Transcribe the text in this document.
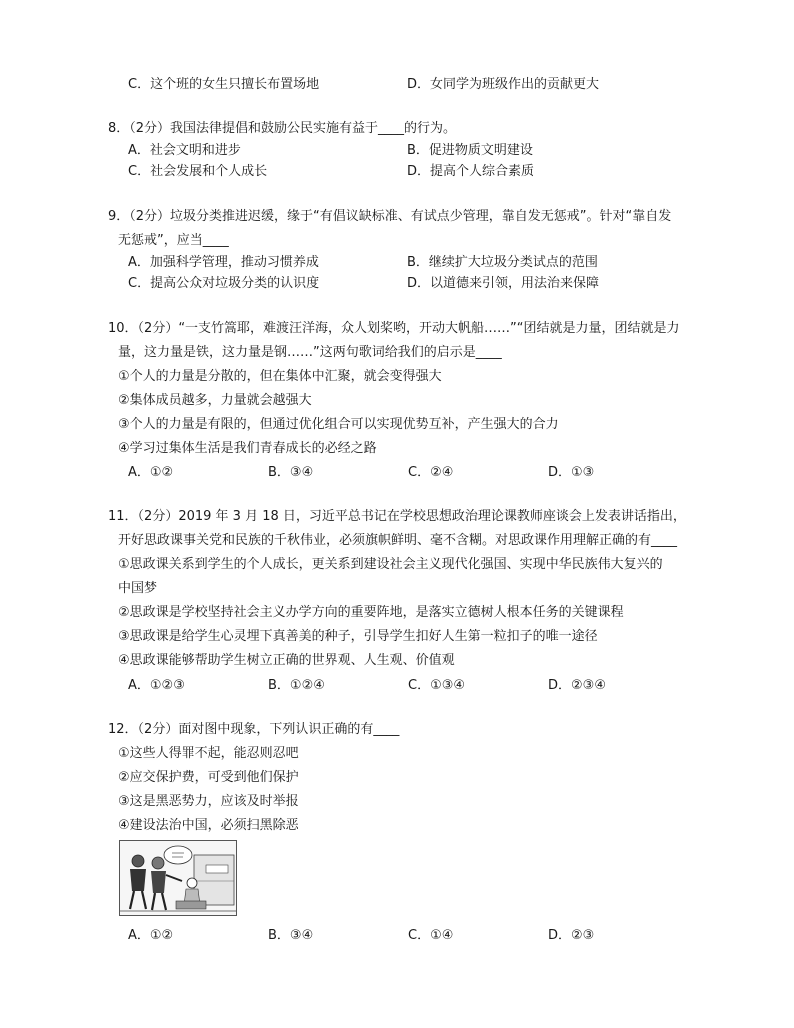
C．这个班的女生只擅长布置场地	D．女同学为班级作出的贡献更大
8．（2分）我国法律提倡和鼓励公民实施有益于____的行为。
A．社会文明和进步	B．促进物质文明建设
C．社会发展和个人成长	D．提高个人综合素质
9．（2分）垃圾分类推进迟缓，缘于“有倡议缺标准、有试点少管理，靠自发无惩戒”。针对“靠自发
无惩戒”，应当____
A．加强科学管理，推动习惯养成	B．继续扩大垃圾分类试点的范围
C．提高公众对垃圾分类的认识度	D．以道德来引领，用法治来保障
10．（2分）“一支竹篙耶，难渡汪洋海，众人划桨哟，开动大帆船……”“团结就是力量，团结就是力
量，这力量是铁，这力量是钢……”这两句歌词给我们的启示是____
①个人的力量是分散的，但在集体中汇聚，就会变得强大
②集体成员越多，力量就会越强大
③个人的力量是有限的，但通过优化组合可以实现优势互补，产生强大的合力
④学习过集体生活是我们青春成长的必经之路
A．①②	B．③④	C．②④	D．①③
11．（2分）2019 年 3 月 18 日，习近平总书记在学校思想政治理论课教师座谈会上发表讲话指出，
开好思政课事关党和民族的千秋伟业，必须旗帜鲜明、毫不含糊。对思政课作用理解正确的有____
①思政课关系到学生的个人成长，更关系到建设社会主义现代化强国、实现中华民族伟大复兴的
中国梦
②思政课是学校坚持社会主义办学方向的重要阵地，是落实立德树人根本任务的关键课程
③思政课是给学生心灵埋下真善美的种子，引导学生扣好人生第一粒扣子的唯一途径
④思政课能够帮助学生树立正确的世界观、人生观、价值观
A．①②③	B．①②④	C．①③④	D．②③④
12．（2分）面对图中现象，下列认识正确的有____
①这些人得罪不起，能忍则忍吧
②应交保护费，可受到他们保护
③这是黑恶势力，应该及时举报
④建设法治中国，必须扫黑除恶
A．①②	B．③④	C．①④	D．②③
